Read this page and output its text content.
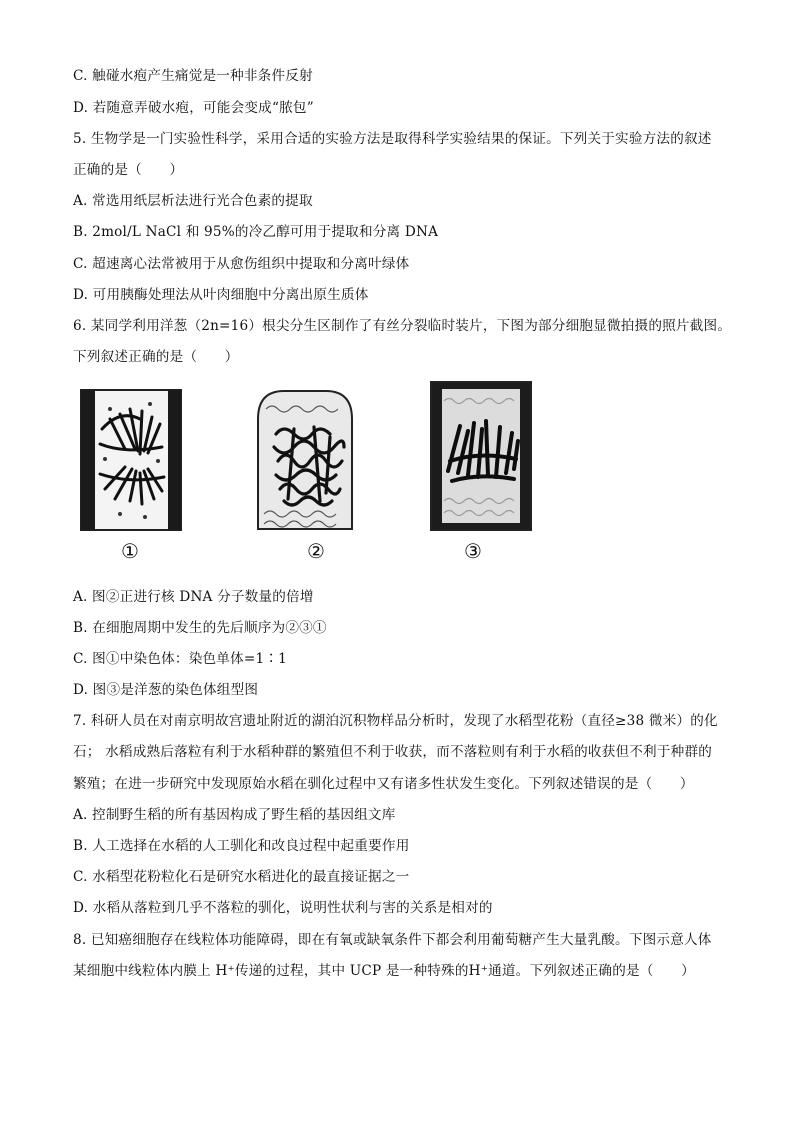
C. 触碰水疱产生痛觉是一种非条件反射
D. 若随意弄破水疱，可能会变成“脓包”
5. 生物学是一门实验性科学，采用合适的实验方法是取得科学实验结果的保证。下列关于实验方法的叙述
正确的是（　　）
A. 常选用纸层析法进行光合色素的提取
B. 2mol/L NaCl 和 95%的冷乙醇可用于提取和分离 DNA
C. 超速离心法常被用于从愈伤组织中提取和分离叶绿体
D. 可用胰酶处理法从叶肉细胞中分离出原生质体
6. 某同学利用洋葱（2n=16）根尖分生区制作了有丝分裂临时装片，下图为部分细胞显微拍摄的照片截图。
下列叙述正确的是（　　）
①	②	③
A. 图②正进行核 DNA 分子数量的倍增
B. 在细胞周期中发生的先后顺序为②③①
C. 图①中染色体：染色单体=1∶1
D. 图③是洋葱的染色体组型图
7. 科研人员在对南京明故宫遗址附近的湖泊沉积物样品分析时，发现了水稻型花粉（直径≥38 微米）的化
石； 水稻成熟后落粒有利于水稻种群的繁殖但不利于收获，而不落粒则有利于水稻的收获但不利于种群的
繁殖；在进一步研究中发现原始水稻在驯化过程中又有诸多性状发生变化。下列叙述错误的是（　　）
A. 控制野生稻的所有基因构成了野生稻的基因组文库
B. 人工选择在水稻的人工驯化和改良过程中起重要作用
C. 水稻型花粉粒化石是研究水稻进化的最直接证据之一
D. 水稻从落粒到几乎不落粒的驯化，说明性状利与害的关系是相对的
8. 已知癌细胞存在线粒体功能障碍，即在有氧或缺氧条件下都会利用葡萄糖产生大量乳酸。下图示意人体
某细胞中线粒体内膜上 H⁺传递的过程，其中 UCP 是一种特殊的H⁺通道。下列叙述正确的是（　　）
